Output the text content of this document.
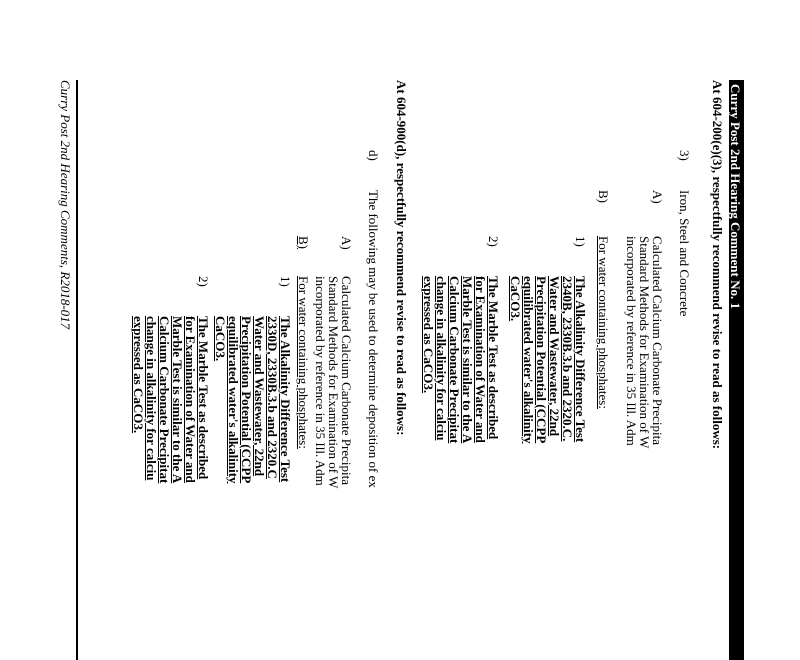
Curry Post 2nd Hearing Comment No. 1
At 604-200(e)(3), respectfully recommend revise to read as follows:
3)
Iron, Steel and Concrete
A)
Calculated Calcium Carbonate Precipita
Standard Methods for Examination of W
incorporated by reference in 35 Ill. Adm
B)
For water containing phosphates:
1)
The Alkalinity Difference Test
2340B, 2330B.3.b and 2320.C.
Water and Wastewater, 22nd
Precipitation Potential (CCPP
equilibrated water's alkalinity
CaCO3.
2)
The Marble Test as described
for Examination of Water and
Marble Test is similar to the A
Calcium Carbonate Precipitat
change in alkalinity for calciu
expressed as CaCO3.
At 604-900(d), respectfully recommend revise to read as follows:
d)
The following may be used to determine deposition of ex
A)
Calculated Calcium Carbonate Precipita
Standard Methods for Examination of W
incorporated by reference in 35 Ill. Adm
B)
For water containing phosphates:
1)
The Alkalinity Difference Test
2330D, 2330B.3.b and 2320.C
Water and Wastewater, 22nd
Precipitation Potential (CCPP
equilibrated water's alkalinity
CaCO3.
2)
The Marble Test as described
for Examination of Water and
Marble Test is similar to the A
Calcium Carbonate Precipitat
change in alkalinity for calciu
expressed as CaCO3.
Curry Post 2nd Hearing Comments, R2018-017
